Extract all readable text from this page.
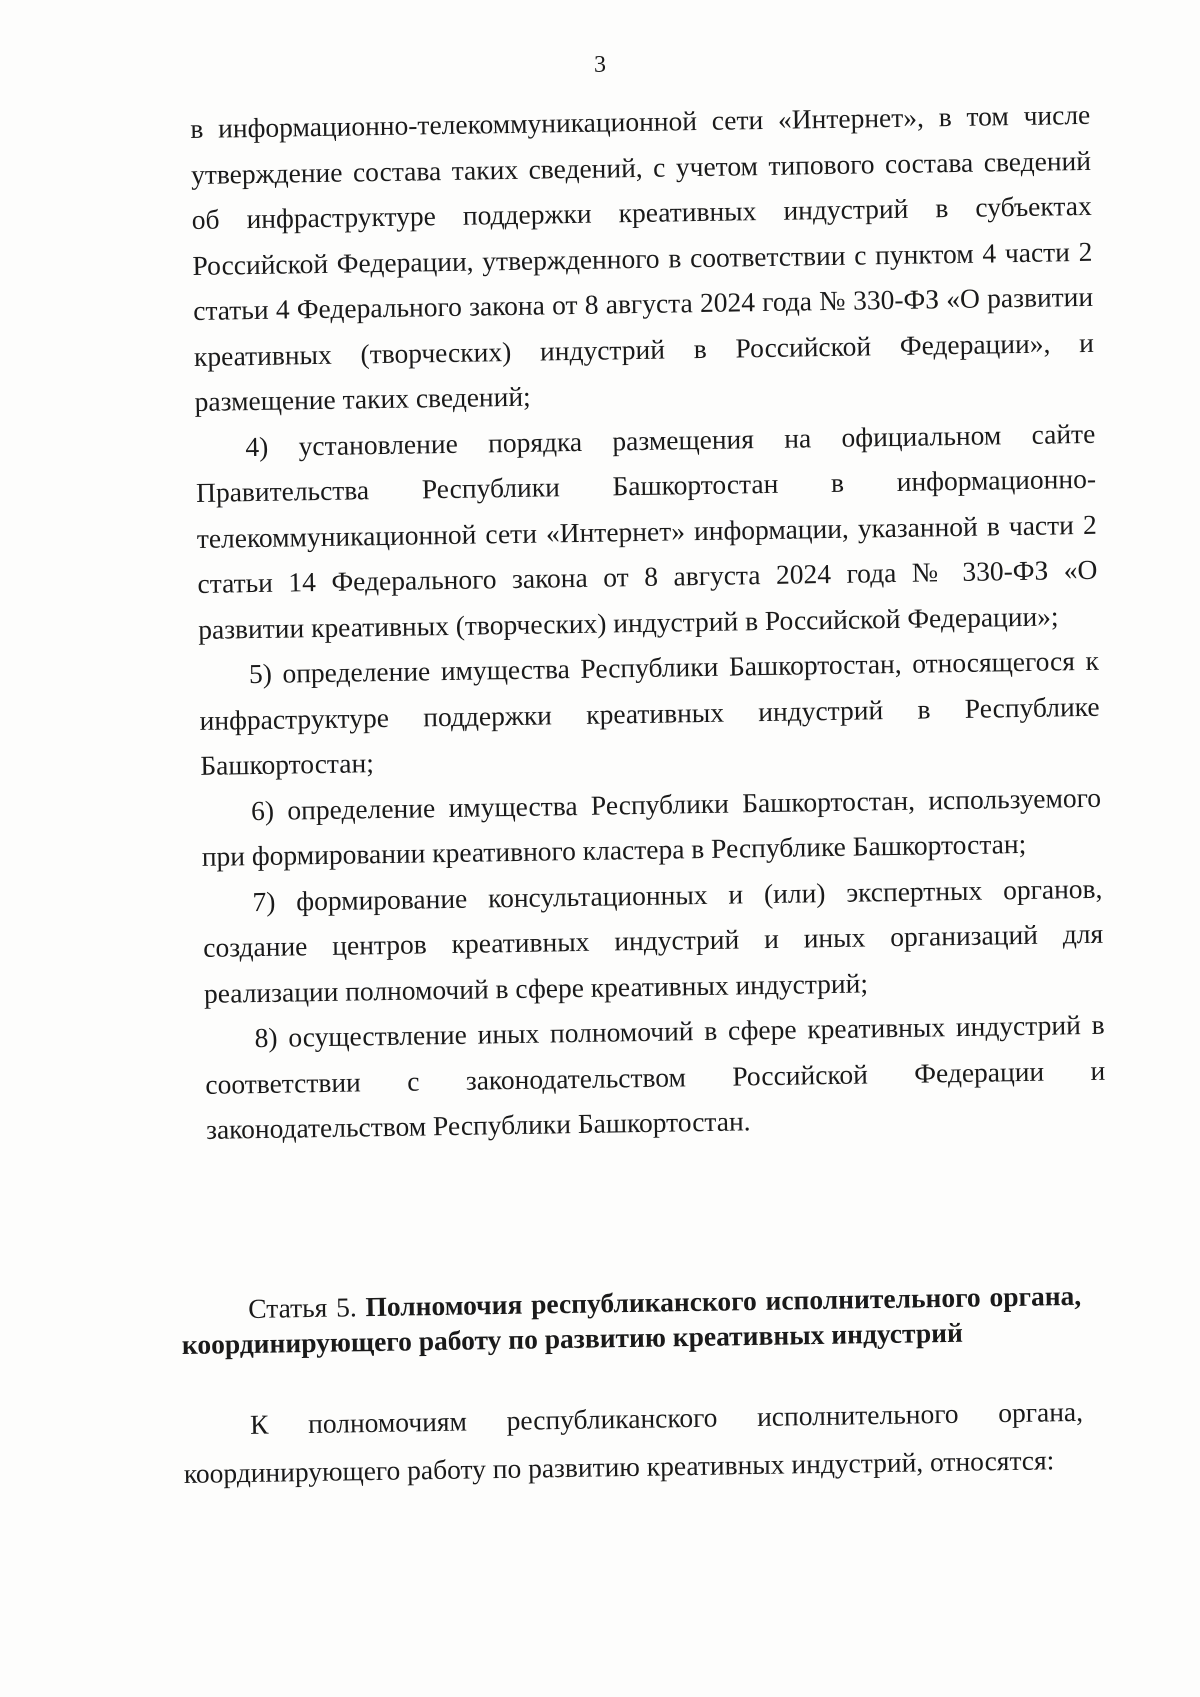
3

в информационно-телекоммуникационной сети «Интернет», в том числе утверждение состава таких сведений, с учетом типового состава сведений об инфраструктуре поддержки креативных индустрий в субъектах Российской Федерации, утвержденного в соответствии с пунктом 4 части 2 статьи 4 Федерального закона от 8 августа 2024 года № 330-ФЗ «О развитии креативных (творческих) индустрий в Российской Федерации», и размещение таких сведений;

4) установление порядка размещения на официальном сайте Правительства Республики Башкортостан в информационно-телекоммуникационной сети «Интернет» информации, указанной в части 2 статьи 14 Федерального закона от 8 августа 2024 года № 330-ФЗ «О развитии креативных (творческих) индустрий в Российской Федерации»;

5) определение имущества Республики Башкортостан, относящегося к инфраструктуре поддержки креативных индустрий в Республике Башкортостан;

6) определение имущества Республики Башкортостан, используемого при формировании креативного кластера в Республике Башкортостан;

7) формирование консультационных и (или) экспертных органов, создание центров креативных индустрий и иных организаций для реализации полномочий в сфере креативных индустрий;

8) осуществление иных полномочий в сфере креативных индустрий в соответствии с законодательством Российской Федерации и законодательством Республики Башкортостан.

Статья 5. Полномочия республиканского исполнительного органа, координирующего работу по развитию креативных индустрий

К полномочиям республиканского исполнительного органа, координирующего работу по развитию креативных индустрий, относятся:
